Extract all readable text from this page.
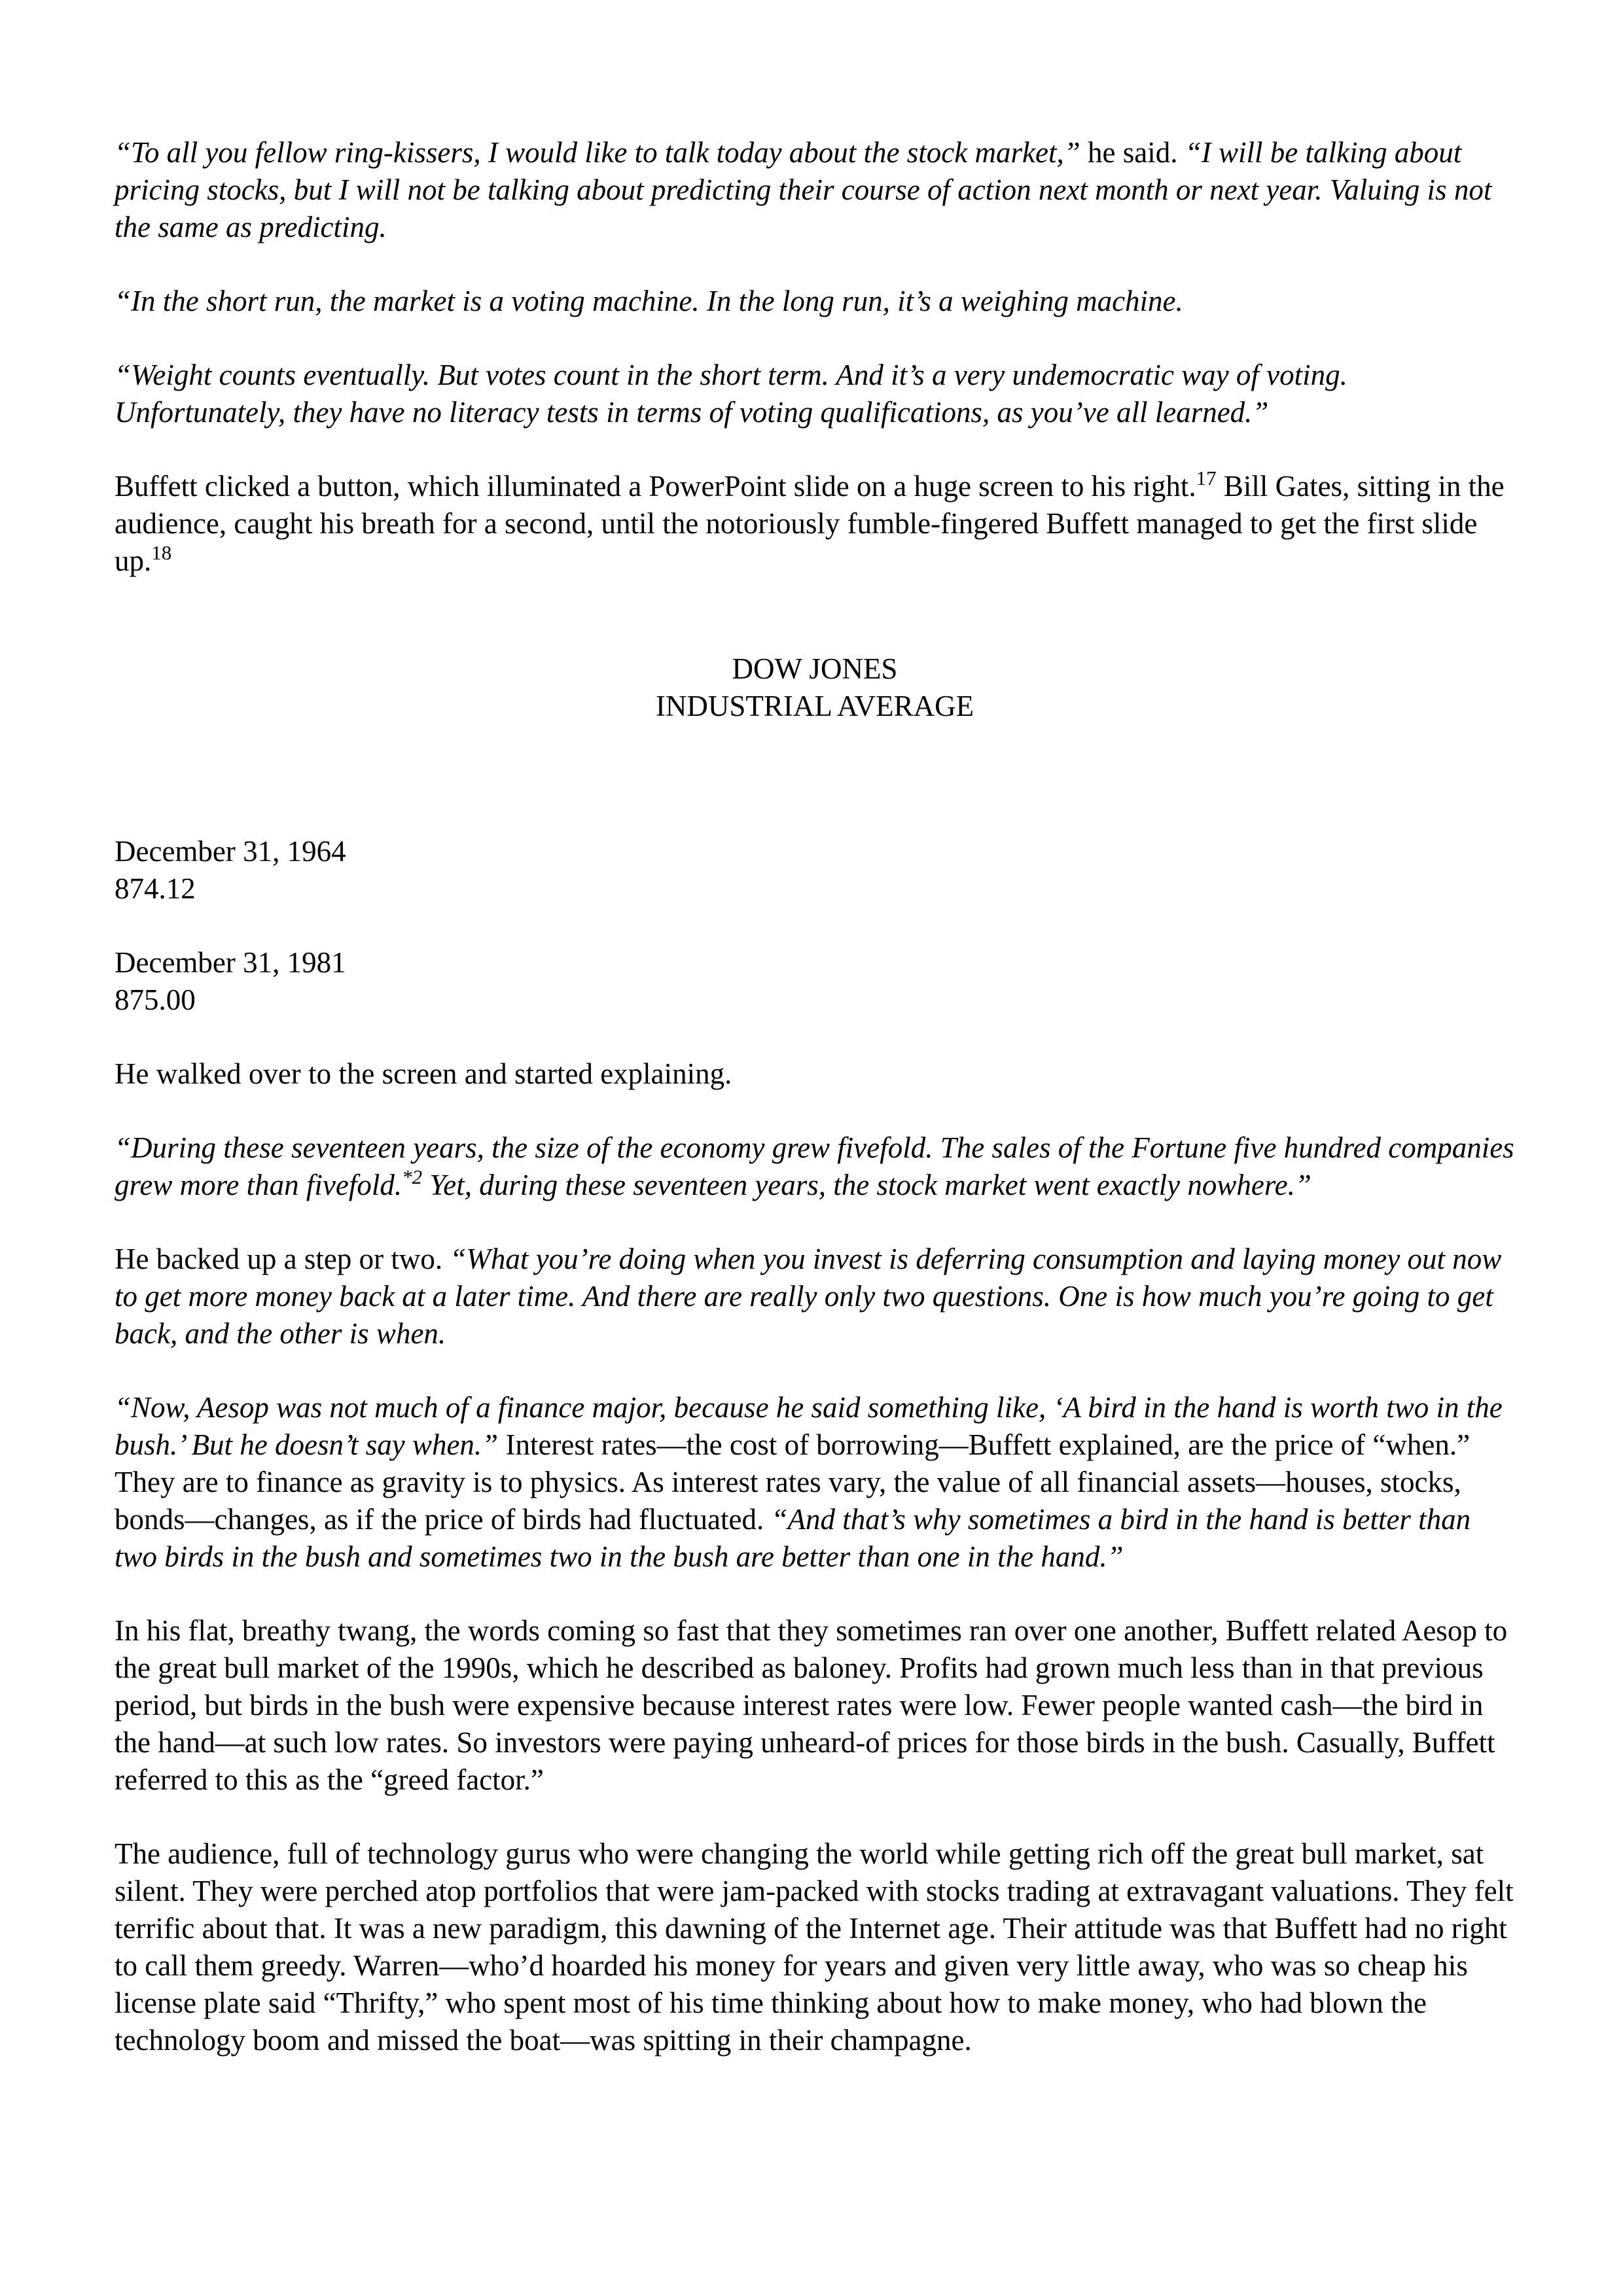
“To all you fellow ring-kissers, I would like to talk today about the stock market,” he said. “I will be talking about pricing stocks, but I will not be talking about predicting their course of action next month or next year. Valuing is not the same as predicting.

“In the short run, the market is a voting machine. In the long run, it’s a weighing machine.

“Weight counts eventually. But votes count in the short term. And it’s a very undemocratic way of voting. Unfortunately, they have no literacy tests in terms of voting qualifications, as you’ve all learned.”

Buffett clicked a button, which illuminated a PowerPoint slide on a huge screen to his right.$^{17}$ Bill Gates, sitting in the audience, caught his breath for a second, until the notoriously fumble-fingered Buffett managed to get the first slide up.$^{18}$

DOW JONES
INDUSTRIAL AVERAGE
December 31, 1964
874.12
December 31, 1981
875.00

He walked over to the screen and started explaining.

“During these seventeen years, the size of the economy grew fivefold. The sales of the Fortune five hundred companies grew more than fivefold.$^{*2}$ Yet, during these seventeen years, the stock market went exactly nowhere.”

He backed up a step or two. “What you’re doing when you invest is deferring consumption and laying money out now to get more money back at a later time. And there are really only two questions. One is how much you’re going to get back, and the other is when.

“Now, Aesop was not much of a finance major, because he said something like, ‘A bird in the hand is worth two in the bush.’ But he doesn’t say when.” Interest rates—the cost of borrowing—Buffett explained, are the price of “when.” They are to finance as gravity is to physics. As interest rates vary, the value of all financial assets—houses, stocks, bonds—changes, as if the price of birds had fluctuated. “And that’s why sometimes a bird in the hand is better than two birds in the bush and sometimes two in the bush are better than one in the hand.”

In his flat, breathy twang, the words coming so fast that they sometimes ran over one another, Buffett related Aesop to the great bull market of the 1990s, which he described as baloney. Profits had grown much less than in that previous period, but birds in the bush were expensive because interest rates were low. Fewer people wanted cash—the bird in the hand—at such low rates. So investors were paying unheard-of prices for those birds in the bush. Casually, Buffett referred to this as the “greed factor.”

The audience, full of technology gurus who were changing the world while getting rich off the great bull market, sat silent. They were perched atop portfolios that were jam-packed with stocks trading at extravagant valuations. They felt terrific about that. It was a new paradigm, this dawning of the Internet age. Their attitude was that Buffett had no right to call them greedy. Warren—who’d hoarded his money for years and given very little away, who was so cheap his license plate said “Thrifty,” who spent most of his time thinking about how to make money, who had blown the technology boom and missed the boat—was spitting in their champagne.
